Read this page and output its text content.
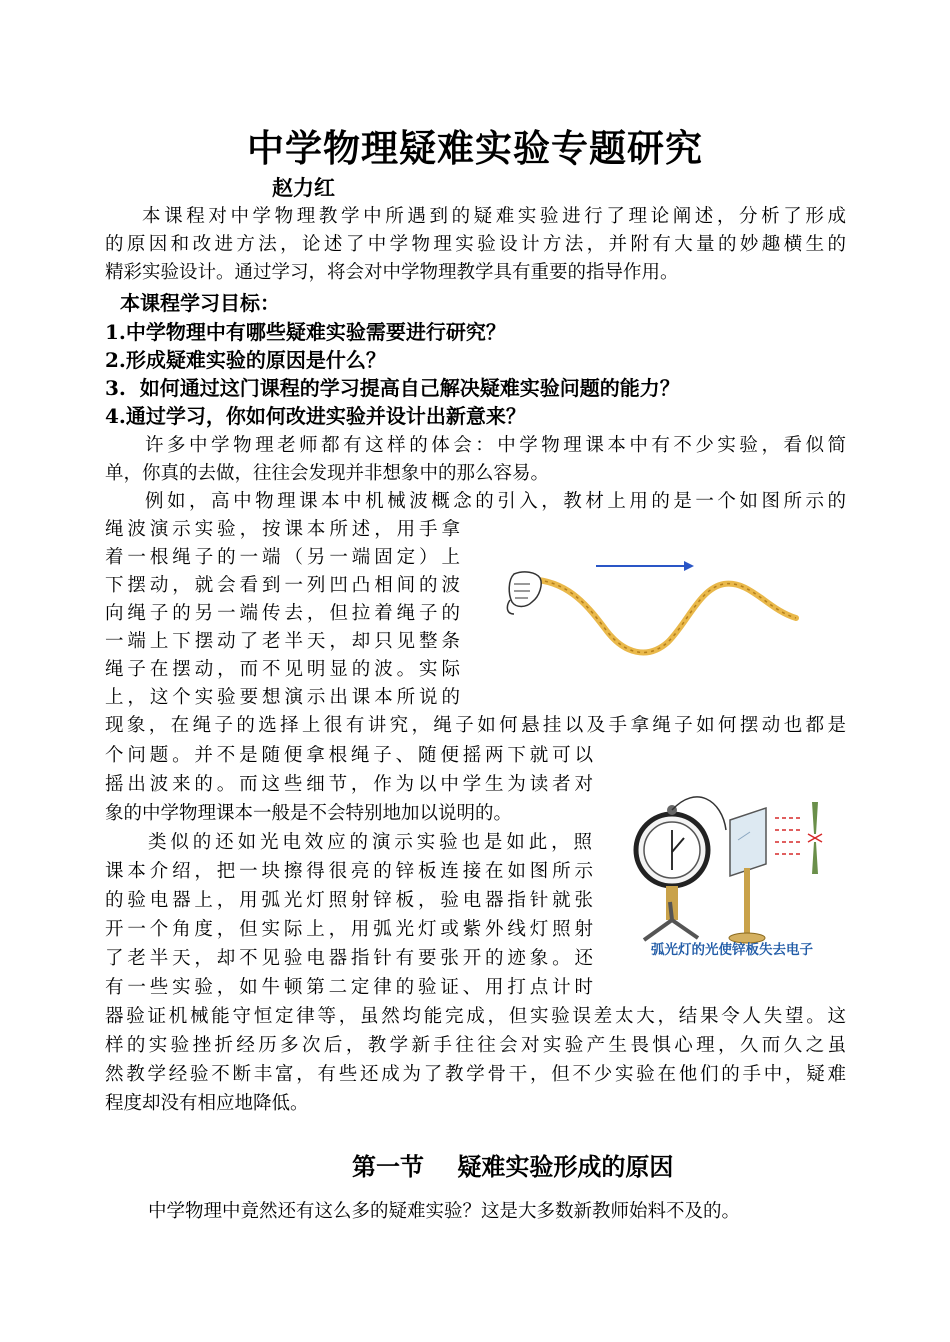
中学物理疑难实验专题研究
赵力红
本课程对中学物理教学中所遇到的疑难实验进行了理论阐述，分析了形成
的原因和改进方法，论述了中学物理实验设计方法，并附有大量的妙趣横生的
精彩实验设计。通过学习，将会对中学物理教学具有重要的指导作用。
本课程学习目标：
1.中学物理中有哪些疑难实验需要进行研究？
2.形成疑难实验的原因是什么？
3.  如何通过这门课程的学习提高自己解决疑难实验问题的能力？
4.通过学习，你如何改进实验并设计出新意来？
许多中学物理老师都有这样的体会：中学物理课本中有不少实验，看似简
单，你真的去做，往往会发现并非想象中的那么容易。
例如，高中物理课本中机械波概念的引入，教材上用的是一个如图所示的
绳波演示实验，按课本所述，用手拿
着一根绳子的一端（另一端固定）上
下摆动，就会看到一列凹凸相间的波
向绳子的另一端传去，但拉着绳子的
一端上下摆动了老半天，却只见整条
绳子在摆动，而不见明显的波。实际
上，这个实验要想演示出课本所说的
现象，在绳子的选择上很有讲究，绳子如何悬挂以及手拿绳子如何摆动也都是
个问题。并不是随便拿根绳子、随便摇两下就可以
摇出波来的。而这些细节，作为以中学生为读者对
象的中学物理课本一般是不会特别地加以说明的。
类似的还如光电效应的演示实验也是如此，照
课本介绍，把一块擦得很亮的锌板连接在如图所示
的验电器上，用弧光灯照射锌板，验电器指针就张
开一个角度，但实际上，用弧光灯或紫外线灯照射
了老半天，却不见验电器指针有要张开的迹象。还
有一些实验，如牛顿第二定律的验证、用打点计时
器验证机械能守恒定律等，虽然均能完成，但实验误差太大，结果令人失望。这
样的实验挫折经历多次后，教学新手往往会对实验产生畏惧心理，久而久之虽
然教学经验不断丰富，有些还成为了教学骨干，但不少实验在他们的手中，疑难
程度却没有相应地降低。
弧光灯的光使锌板失去电子
第一节    疑难实验形成的原因
中学物理中竟然还有这么多的疑难实验？这是大多数新教师始料不及的。
